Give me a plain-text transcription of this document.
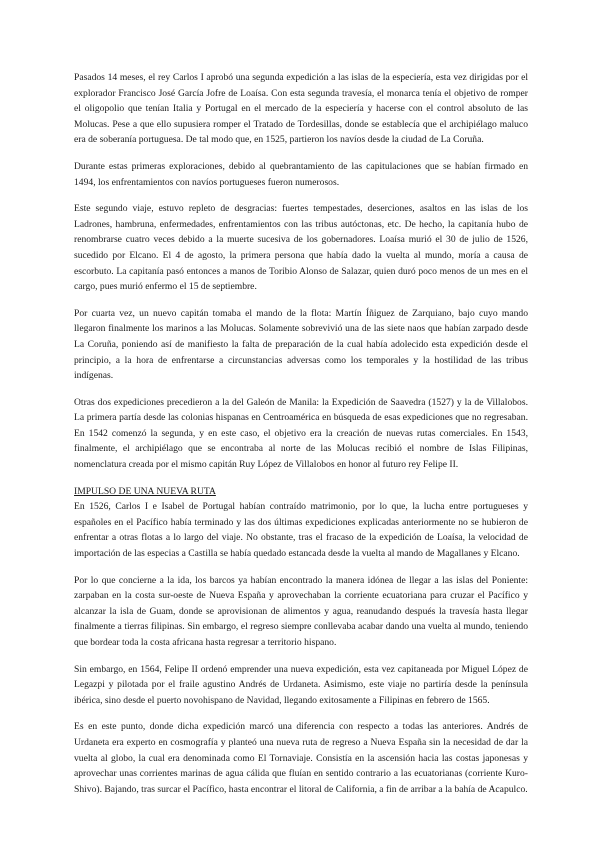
Pasados 14 meses, el rey Carlos I aprobó una segunda expedición a las islas de la especiería, esta vez dirigidas por el explorador Francisco José García Jofre de Loaísa. Con esta segunda travesía, el monarca tenía el objetivo de romper el oligopolio que tenían Italia y Portugal en el mercado de la especiería y hacerse con el control absoluto de las Molucas. Pese a que ello supusiera romper el Tratado de Tordesillas, donde se establecía que el archipiélago maluco era de soberanía portuguesa. De tal modo que, en 1525, partieron los navíos desde la ciudad de La Coruña.

Durante estas primeras exploraciones, debido al quebrantamiento de las capitulaciones que se habían firmado en 1494, los enfrentamientos con navíos portugueses fueron numerosos.

Este segundo viaje, estuvo repleto de desgracias: fuertes tempestades, deserciones, asaltos en las islas de los Ladrones, hambruna, enfermedades, enfrentamientos con las tribus autóctonas, etc. De hecho, la capitanía hubo de renombrarse cuatro veces debido a la muerte sucesiva de los gobernadores. Loaísa murió el 30 de julio de 1526, sucedido por Elcano. El 4 de agosto, la primera persona que había dado la vuelta al mundo, moría a causa de escorbuto. La capitanía pasó entonces a manos de Toribio Alonso de Salazar, quien duró poco menos de un mes en el cargo, pues murió enfermo el 15 de septiembre.

Por cuarta vez, un nuevo capitán tomaba el mando de la flota: Martín Íñiguez de Zarquiano, bajo cuyo mando llegaron finalmente los marinos a las Molucas. Solamente sobrevivió una de las siete naos que habían zarpado desde La Coruña, poniendo así de manifiesto la falta de preparación de la cual había adolecido esta expedición desde el principio, a la hora de enfrentarse a circunstancias adversas como los temporales y la hostilidad de las tribus indígenas.

Otras dos expediciones precedieron a la del Galeón de Manila: la Expedición de Saavedra (1527) y la de Villalobos. La primera partía desde las colonias hispanas en Centroamérica en búsqueda de esas expediciones que no regresaban. En 1542 comenzó la segunda, y en este caso, el objetivo era la creación de nuevas rutas comerciales. En 1543, finalmente, el archipiélago que se encontraba al norte de las Molucas recibió el nombre de Islas Filipinas, nomenclatura creada por el mismo capitán Ruy López de Villalobos en honor al futuro rey Felipe II.

IMPULSO DE UNA NUEVA RUTA

En 1526, Carlos I e Isabel de Portugal habían contraído matrimonio, por lo que, la lucha entre portugueses y españoles en el Pacífico había terminado y las dos últimas expediciones explicadas anteriormente no se hubieron de enfrentar a otras flotas a lo largo del viaje. No obstante, tras el fracaso de la expedición de Loaísa, la velocidad de importación de las especias a Castilla se había quedado estancada desde la vuelta al mando de Magallanes y Elcano.

Por lo que concierne a la ida, los barcos ya habían encontrado la manera idónea de llegar a las islas del Poniente: zarpaban en la costa sur-oeste de Nueva España y aprovechaban la corriente ecuatoriana para cruzar el Pacífico y alcanzar la isla de Guam, donde se aprovisionan de alimentos y agua, reanudando después la travesía hasta llegar finalmente a tierras filipinas. Sin embargo, el regreso siempre conllevaba acabar dando una vuelta al mundo, teniendo que bordear toda la costa africana hasta regresar a territorio hispano.

Sin embargo, en 1564, Felipe II ordenó emprender una nueva expedición, esta vez capitaneada por Miguel López de Legazpi y pilotada por el fraile agustino Andrés de Urdaneta. Asimismo, este viaje no partiría desde la península ibérica, sino desde el puerto novohispano de Navidad, llegando exitosamente a Filipinas en febrero de 1565.

Es en este punto, donde dicha expedición marcó una diferencia con respecto a todas las anteriores. Andrés de Urdaneta era experto en cosmografía y planteó una nueva ruta de regreso a Nueva España sin la necesidad de dar la vuelta al globo, la cual era denominada como El Tornaviaje. Consistía en la ascensión hacia las costas japonesas y aprovechar unas corrientes marinas de agua cálida que fluían en sentido contrario a las ecuatorianas (corriente Kuro-Shivo). Bajando, tras surcar el Pacífico, hasta encontrar el litoral de California, a fin de arribar a la bahía de Acapulco.
